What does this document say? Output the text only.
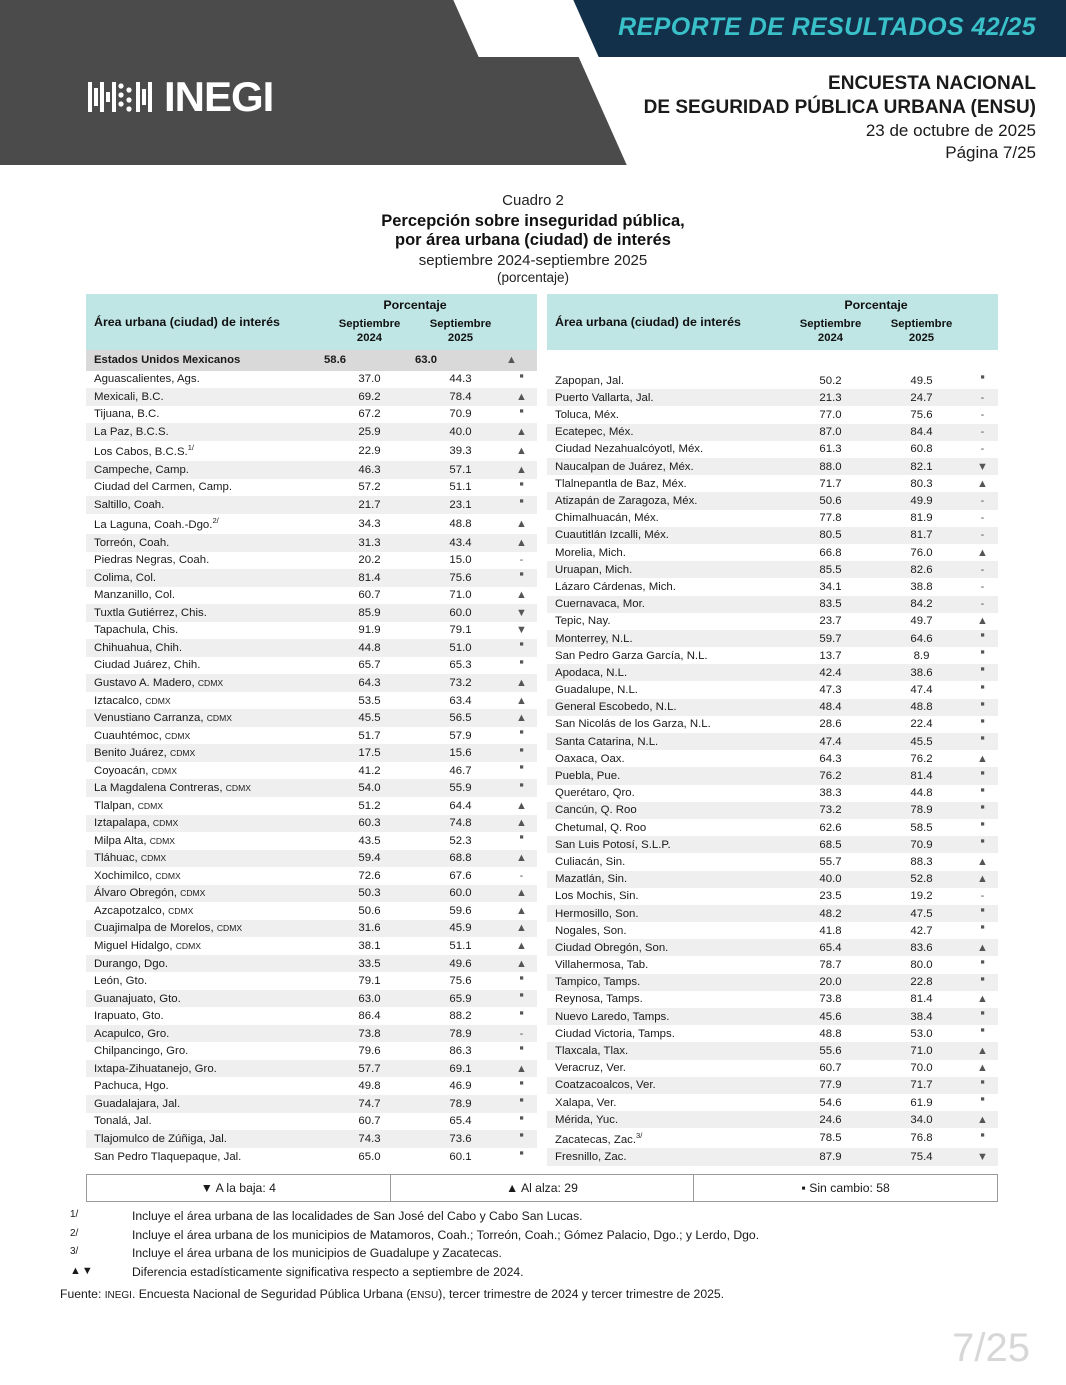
REPORTE DE RESULTADOS 42/25
INEGI	ENCUESTA NACIONAL
DE SEGURIDAD PÚBLICA URBANA (ENSU)
23 de octubre de 2025
Página 7/25
Cuadro 2
Percepción sobre inseguridad pública,
por área urbana (ciudad) de interés
septiembre 2024-septiembre 2025
(porcentaje)
Área urbana (ciudad) de interés	Porcentaje		

Septiembre
2024

Septiembre
2025

Estados Unidos Mexicanos	58.6	63.0	▲
Aguascalientes, Ags.	37.0	44.3	▪
Mexicali, B.C.	69.2	78.4	▲
Tijuana, B.C.	67.2	70.9	▪
La Paz, B.C.S.	25.9	40.0	▲
Los Cabos, B.C.S.$^{1/}$	22.9	39.3	▲
Campeche, Camp.	46.3	57.1	▲
Ciudad del Carmen, Camp.	57.2	51.1	▪
Saltillo, Coah.	21.7	23.1	▪
La Laguna, Coah.-Dgo.$^{2/}$	34.3	48.8	▲
Torreón, Coah.	31.3	43.4	▲
Piedras Negras, Coah.	20.2	15.0	-
Colima, Col.	81.4	75.6	▪
Manzanillo, Col.	60.7	71.0	▲
Tuxtla Gutiérrez, Chis.	85.9	60.0	▼
Tapachula, Chis.	91.9	79.1	▼
Chihuahua, Chih.	44.8	51.0	▪
Ciudad Juárez, Chih.	65.7	65.3	▪
Gustavo A. Madero, CDMX	64.3	73.2	▲
Iztacalco, CDMX	53.5	63.4	▲
Venustiano Carranza, CDMX	45.5	56.5	▲
Cuauhtémoc, CDMX	51.7	57.9	▪
Benito Juárez, CDMX	17.5	15.6	▪
Coyoacán, CDMX	41.2	46.7	▪
La Magdalena Contreras, CDMX	54.0	55.9	▪
Tlalpan, CDMX	51.2	64.4	▲
Iztapalapa, CDMX	60.3	74.8	▲
Milpa Alta, CDMX	43.5	52.3	▪
Tláhuac, CDMX	59.4	68.8	▲
Xochimilco, CDMX	72.6	67.6	-
Álvaro Obregón, CDMX	50.3	60.0	▲
Azcapotzalco, CDMX	50.6	59.6	▲
Cuajimalpa de Morelos, CDMX	31.6	45.9	▲
Miguel Hidalgo, CDMX	38.1	51.1	▲
Durango, Dgo.	33.5	49.6	▲
León, Gto.	79.1	75.6	▪
Guanajuato, Gto.	63.0	65.9	▪
Irapuato, Gto.	86.4	88.2	▪
Acapulco, Gro.	73.8	78.9	-
Chilpancingo, Gro.	79.6	86.3	▪
Ixtapa-Zihuatanejo, Gro.	57.7	69.1	▲
Pachuca, Hgo.	49.8	46.9	▪
Guadalajara, Jal.	74.7	78.9	▪
Tonalá, Jal.	60.7	65.4	▪
Tlajomulco de Zúñiga, Jal.	74.3	73.6	▪
San Pedro Tlaquepaque, Jal.	65.0	60.1	▪
Área urbana (ciudad) de interés	Porcentaje		

Septiembre
2024

Septiembre
2025

Zapopan, Jal.	50.2	49.5	▪
Puerto Vallarta, Jal.	21.3	24.7	-
Toluca, Méx.	77.0	75.6	-
Ecatepec, Méx.	87.0	84.4	-
Ciudad Nezahualcóyotl, Méx.	61.3	60.8	-
Naucalpan de Juárez, Méx.	88.0	82.1	▼
Tlalnepantla de Baz, Méx.	71.7	80.3	▲
Atizapán de Zaragoza, Méx.	50.6	49.9	-
Chimalhuacán, Méx.	77.8	81.9	-
Cuautitlán Izcalli, Méx.	80.5	81.7	-
Morelia, Mich.	66.8	76.0	▲
Uruapan, Mich.	85.5	82.6	-
Lázaro Cárdenas, Mich.	34.1	38.8	-
Cuernavaca, Mor.	83.5	84.2	-
Tepic, Nay.	23.7	49.7	▲
Monterrey, N.L.	59.7	64.6	▪
San Pedro Garza García, N.L.	13.7	8.9	▪
Apodaca, N.L.	42.4	38.6	▪
Guadalupe, N.L.	47.3	47.4	▪
General Escobedo, N.L.	48.4	48.8	▪
San Nicolás de los Garza, N.L.	28.6	22.4	▪
Santa Catarina, N.L.	47.4	45.5	▪
Oaxaca, Oax.	64.3	76.2	▲
Puebla, Pue.	76.2	81.4	▪
Querétaro, Qro.	38.3	44.8	▪
Cancún, Q. Roo	73.2	78.9	▪
Chetumal, Q. Roo	62.6	58.5	▪
San Luis Potosí, S.L.P.	68.5	70.9	▪
Culiacán, Sin.	55.7	88.3	▲
Mazatlán, Sin.	40.0	52.8	▲
Los Mochis, Sin.	23.5	19.2	-
Hermosillo, Son.	48.2	47.5	▪
Nogales, Son.	41.8	42.7	▪
Ciudad Obregón, Son.	65.4	83.6	▲
Villahermosa, Tab.	78.7	80.0	▪
Tampico, Tamps.	20.0	22.8	▪
Reynosa, Tamps.	73.8	81.4	▲
Nuevo Laredo, Tamps.	45.6	38.4	▪
Ciudad Victoria, Tamps.	48.8	53.0	▪
Tlaxcala, Tlax.	55.6	71.0	▲
Veracruz, Ver.	60.7	70.0	▲
Coatzacoalcos, Ver.	77.9	71.7	▪
Xalapa, Ver.	54.6	61.9	▪
Mérida, Yuc.	24.6	34.0	▲
Zacatecas, Zac.$^{3/}$	78.5	76.8	▪
Fresnillo, Zac.	87.9	75.4	▼
▼ A la baja: 4	▲ Al alza: 29	▪ Sin cambio: 58
1/	Incluye el área urbana de las localidades de San José del Cabo y Cabo San Lucas.
2/	Incluye el área urbana de los municipios de Matamoros, Coah.; Torreón, Coah.; Gómez Palacio, Dgo.; y Lerdo, Dgo.
3/	Incluye el área urbana de los municipios de Guadalupe y Zacatecas.
▲▼	Diferencia estadísticamente significativa respecto a septiembre de 2024.
Fuente: INEGI. Encuesta Nacional de Seguridad Pública Urbana (ENSU), tercer trimestre de 2024 y tercer trimestre de 2025.
7/25
